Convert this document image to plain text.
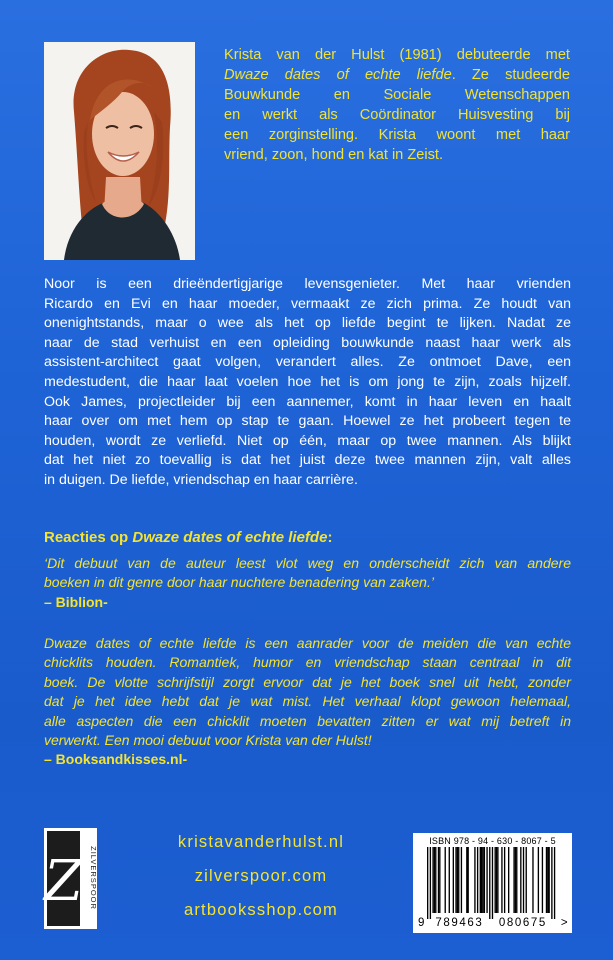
Krista van der Hulst (1981) debuteerde met
Dwaze dates of echte liefde. Ze studeerde
Bouwkunde en Sociale Wetenschappen
en werkt als Coördinator Huisvesting bij
een zorginstelling. Krista woont met haar
vriend, zoon, hond en kat in Zeist.
Noor is een drieëndertigjarige levensgenieter. Met haar vrienden
Ricardo en Evi en haar moeder, vermaakt ze zich prima. Ze houdt van
onenightstands, maar o wee als het op liefde begint te lijken. Nadat ze
naar de stad verhuist en een opleiding bouwkunde naast haar werk als
assistent-architect gaat volgen, verandert alles. Ze ontmoet Dave, een
medestudent, die haar laat voelen hoe het is om jong te zijn, zoals hijzelf.
Ook James, projectleider bij een aannemer, komt in haar leven en haalt
haar over om met hem op stap te gaan. Hoewel ze het probeert tegen te
houden, wordt ze verliefd. Niet op één, maar op twee mannen. Als blijkt
dat het niet zo toevallig is dat het juist deze twee mannen zijn, valt alles
in duigen. De liefde, vriendschap en haar carrière.
Reacties op Dwaze dates of echte liefde:
‘Dit debuut van de auteur leest vlot weg en onderscheidt zich van andere
boeken in dit genre door haar nuchtere benadering van zaken.’
– Biblion-
Dwaze dates of echte liefde is een aanrader voor de meiden die van echte
chicklits houden. Romantiek, humor en vriendschap staan centraal in dit
boek. De vlotte schrijfstijl zorgt ervoor dat je het boek snel uit hebt, zonder
dat je het idee hebt dat je wat mist. Het verhaal klopt gewoon helemaal,
alle aspecten die een chicklit moeten bevatten zitten er wat mij betreft in
verwerkt. Een mooi debuut voor Krista van der Hulst!
– Booksandkisses.nl-
Z ZILVERSPOOR
kristavanderhulst.nl
zilverspoor.com
artbooksshop.com
ISBN 978 - 94 - 630 - 8067 - 5
9 789463 080675 >
